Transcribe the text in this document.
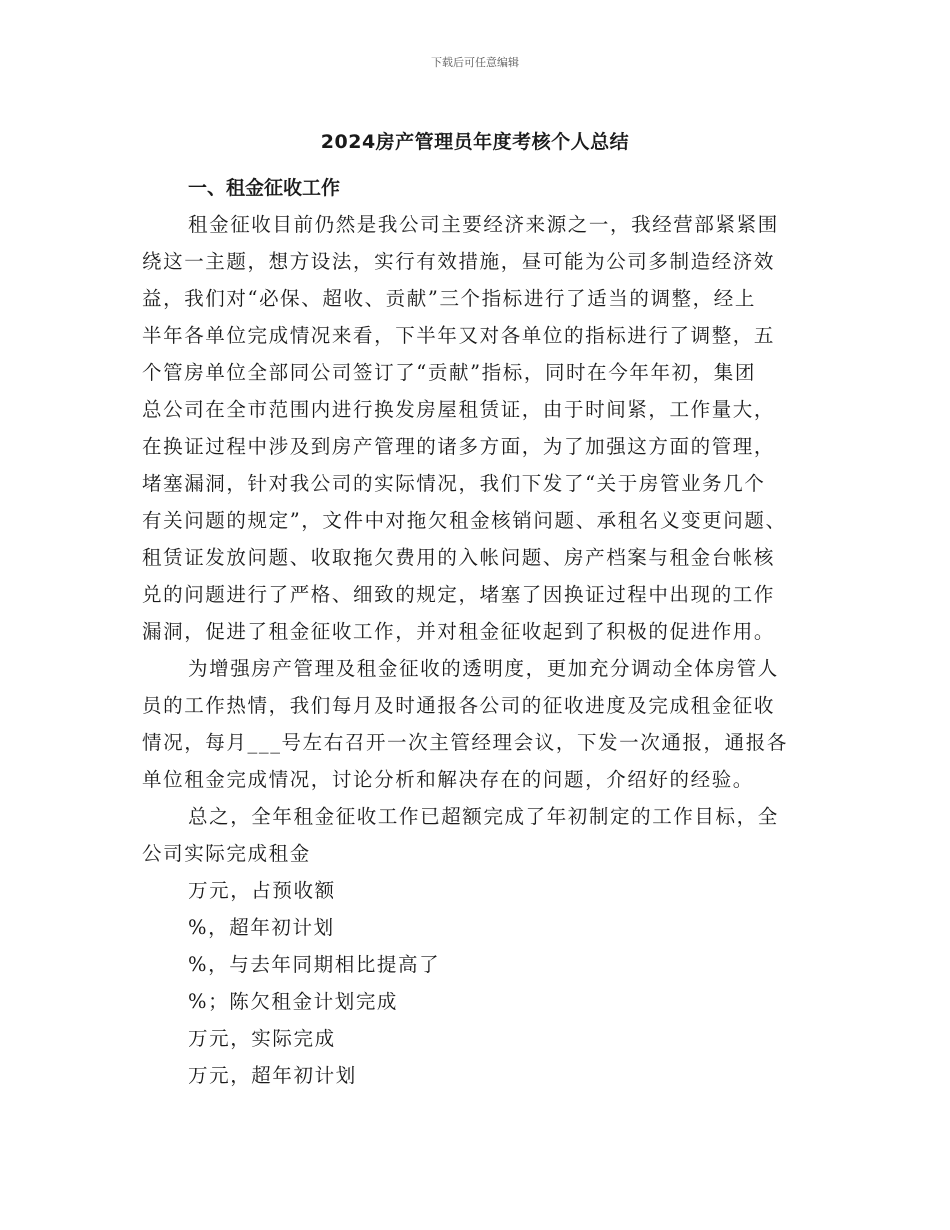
下载后可任意编辑
2024房产管理员年度考核个人总结
一、租金征收工作
租金征收目前仍然是我公司主要经济来源之一，我经营部紧紧围
绕这一主题，想方设法，实行有效措施，昼可能为公司多制造经济效
益，我们对“必保、超收、贡献”三个指标进行了适当的调整，经上
半年各单位完成情况来看，下半年又对各单位的指标进行了调整，五
个管房单位全部同公司签订了“贡献”指标，同时在今年年初，集团
总公司在全市范围内进行换发房屋租赁证，由于时间紧，工作量大，
在换证过程中涉及到房产管理的诸多方面，为了加强这方面的管理，
堵塞漏洞，针对我公司的实际情况，我们下发了“关于房管业务几个
有关问题的规定”，文件中对拖欠租金核销问题、承租名义变更问题、
租赁证发放问题、收取拖欠费用的入帐问题、房产档案与租金台帐核
兑的问题进行了严格、细致的规定，堵塞了因换证过程中出现的工作
漏洞，促进了租金征收工作，并对租金征收起到了积极的促进作用。
为增强房产管理及租金征收的透明度，更加充分调动全体房管人
员的工作热情，我们每月及时通报各公司的征收进度及完成租金征收
情况，每月___号左右召开一次主管经理会议，下发一次通报，通报各
单位租金完成情况，讨论分析和解决存在的问题，介绍好的经验。
总之，全年租金征收工作已超额完成了年初制定的工作目标，全
公司实际完成租金
万元，占预收额
%，超年初计划
%，与去年同期相比提高了
%；陈欠租金计划完成
万元，实际完成
万元，超年初计划
